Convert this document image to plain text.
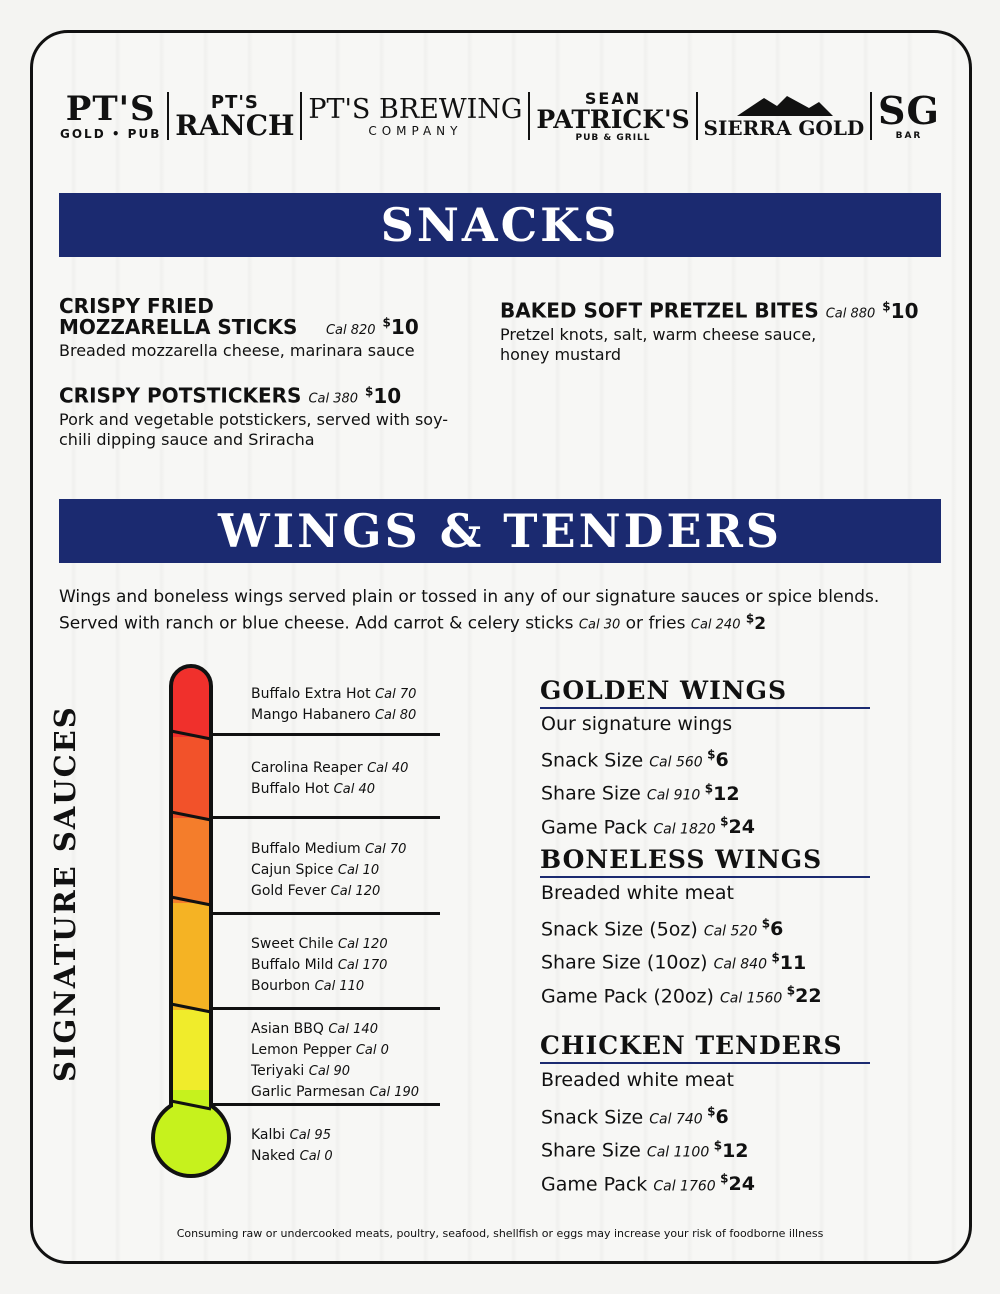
PT'S
GOLD • PUB
PT'S
RANCH PT'S BREWING
COMPANY
SEAN
PATRICK'S
PUB & GRILL	SIERRA GOLD SG
BAR
SNACKS
CRISPY FRIED MOZZARELLA STICKS Cal 820 $10
Breaded mozzarella cheese, marinara sauce
CRISPY POTSTICKERS Cal 380 $10
Pork and vegetable potstickers, served with soy-chili dipping sauce and Sriracha
BAKED SOFT PRETZEL BITES Cal 880 $10
Pretzel knots, salt, warm cheese sauce, honey mustard
WINGS & TENDERS
Wings and boneless wings served plain or tossed in any of our signature sauces or spice blends. Served with ranch or blue cheese. Add carrot & celery sticks Cal 30 or fries Cal 240 $2
SIGNATURE SAUCES
Buffalo Extra Hot Cal 70
Mango Habanero Cal 80
Carolina Reaper Cal 40
Buffalo Hot Cal 40
Buffalo Medium Cal 70
Cajun Spice Cal 10
Gold Fever Cal 120
Sweet Chile Cal 120
Buffalo Mild Cal 170
Bourbon Cal 110
Asian BBQ Cal 140
Lemon Pepper Cal 0
Teriyaki Cal 90
Garlic Parmesan Cal 190
Kalbi Cal 95
Naked Cal 0
GOLDEN WINGS
Our signature wings
Snack Size Cal 560 $6
Share Size Cal 910 $12
Game Pack Cal 1820 $24
BONELESS WINGS
Breaded white meat
Snack Size (5oz) Cal 520 $6
Share Size (10oz) Cal 840 $11
Game Pack (20oz) Cal 1560 $22
CHICKEN TENDERS
Breaded white meat
Snack Size Cal 740 $6
Share Size Cal 1100 $12
Game Pack Cal 1760 $24
Consuming raw or undercooked meats, poultry, seafood, shellfish or eggs may increase your risk of foodborne illness
